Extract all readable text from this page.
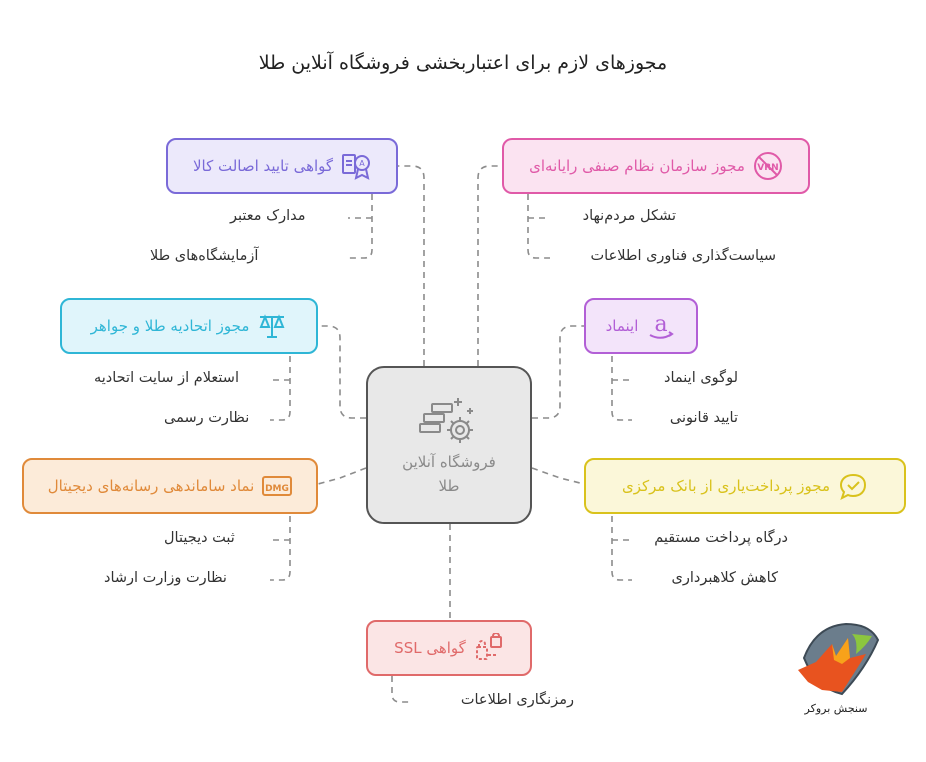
مجوزهای لازم برای اعتباربخشی فروشگاه آنلاین طلا
فروشگاه آنلاین طلا
VRN
مجوز سازمان نظام صنفی رایانه‌ای
تشکل مردم‌نهاد
سیاست‌گذاری فناوری اطلاعات
A
گواهی تایید اصالت کالا
مدارک معتبر
آزمایشگاه‌های طلا
a
اینماد
لوگوی اینماد
تایید قانونی
مجوز اتحادیه طلا و جواهر
استعلام از سایت اتحادیه
نظارت رسمی
مجوز پرداخت‌یاری از بانک مرکزی
درگاه پرداخت مستقیم
کاهش کلاهبرداری
DMG
نماد ساماندهی رسانه‌های دیجیتال
ثبت دیجیتال
نظارت وزارت ارشاد
گواهی SSL
رمزنگاری اطلاعات
سنجش بروکر
